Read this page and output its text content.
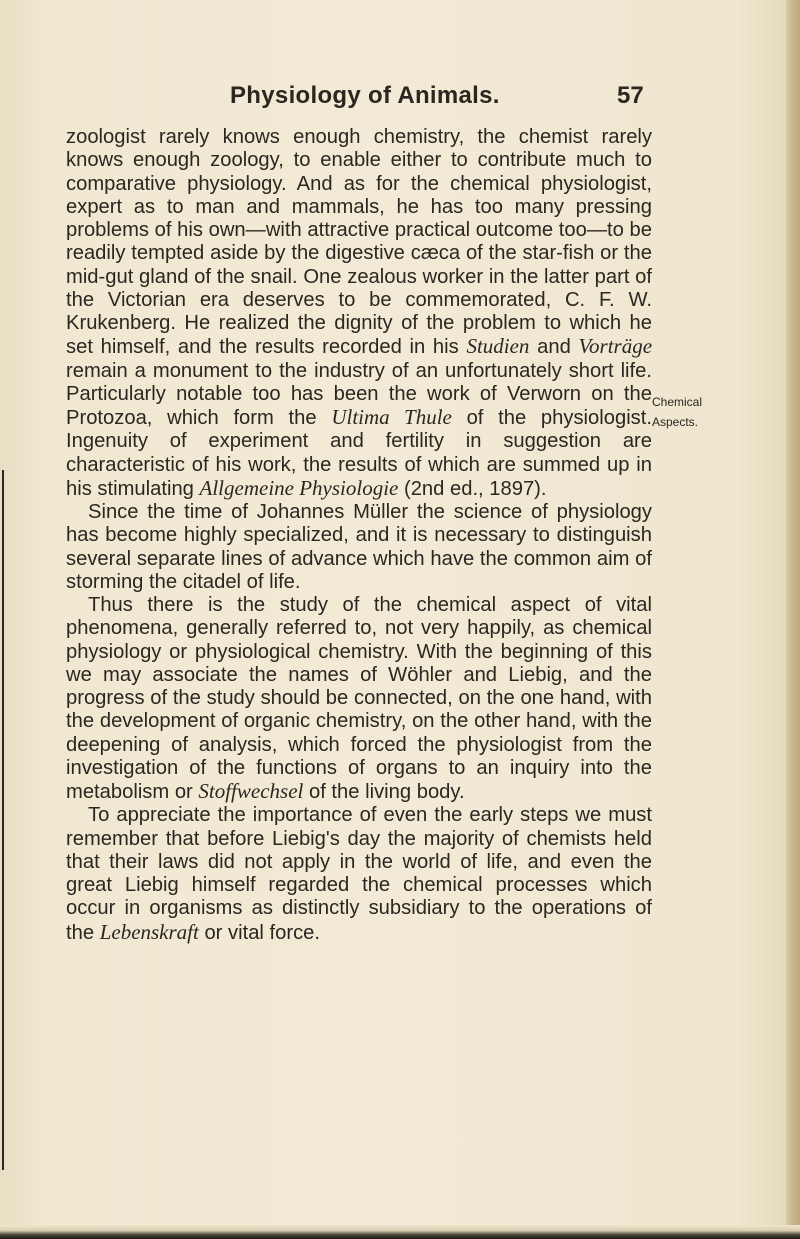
Physiology of Animals.	57

zoologist rarely knows enough chemistry, the chemist rarely knows enough zoology, to enable either to contribute much to comparative physiology. And as for the chemical physiologist, expert as to man and mammals, he has too many pressing problems of his own—with attractive practical outcome too—to be readily tempted aside by the digestive cæca of the star-fish or the mid-gut gland of the snail. One zealous worker in the latter part of the Victorian era deserves to be commemorated, C. F. W. Krukenberg. He realized the dignity of the problem to which he set himself, and the results recorded in his Studien and Vorträge remain a monument to the industry of an unfortunately short life. Particularly notable too has been the work of Verworn on the Protozoa, which form the Ultima Thule of the physiologist. Ingenuity of experiment and fertility in suggestion are characteristic of his work, the results of which are summed up in his stimulating Allgemeine Physiologie (2nd ed., 1897).

Since the time of Johannes Müller the science of physiology has become highly specialized, and it is necessary to distinguish several separate lines of advance which have the common aim of storming the citadel of life.

Thus there is the study of the chemical aspect of vital phenomena, generally referred to, not very happily, as chemical physiology or physiological chemistry. With the beginning of this we may associate the names of Wöhler and Liebig, and the progress of the study should be connected, on the one hand, with the development of organic chemistry, on the other hand, with the deepening of analysis, which forced the physiologist from the investigation of the functions of organs to an inquiry into the metabolism or Stoffwechsel of the living body.

To appreciate the importance of even the early steps we must remember that before Liebig's day the majority of chemists held that their laws did not apply in the world of life, and even the great Liebig himself regarded the chemical processes which occur in organisms as distinctly subsidiary to the operations of the Lebenskraft or vital force.

Chemical
Aspects.
